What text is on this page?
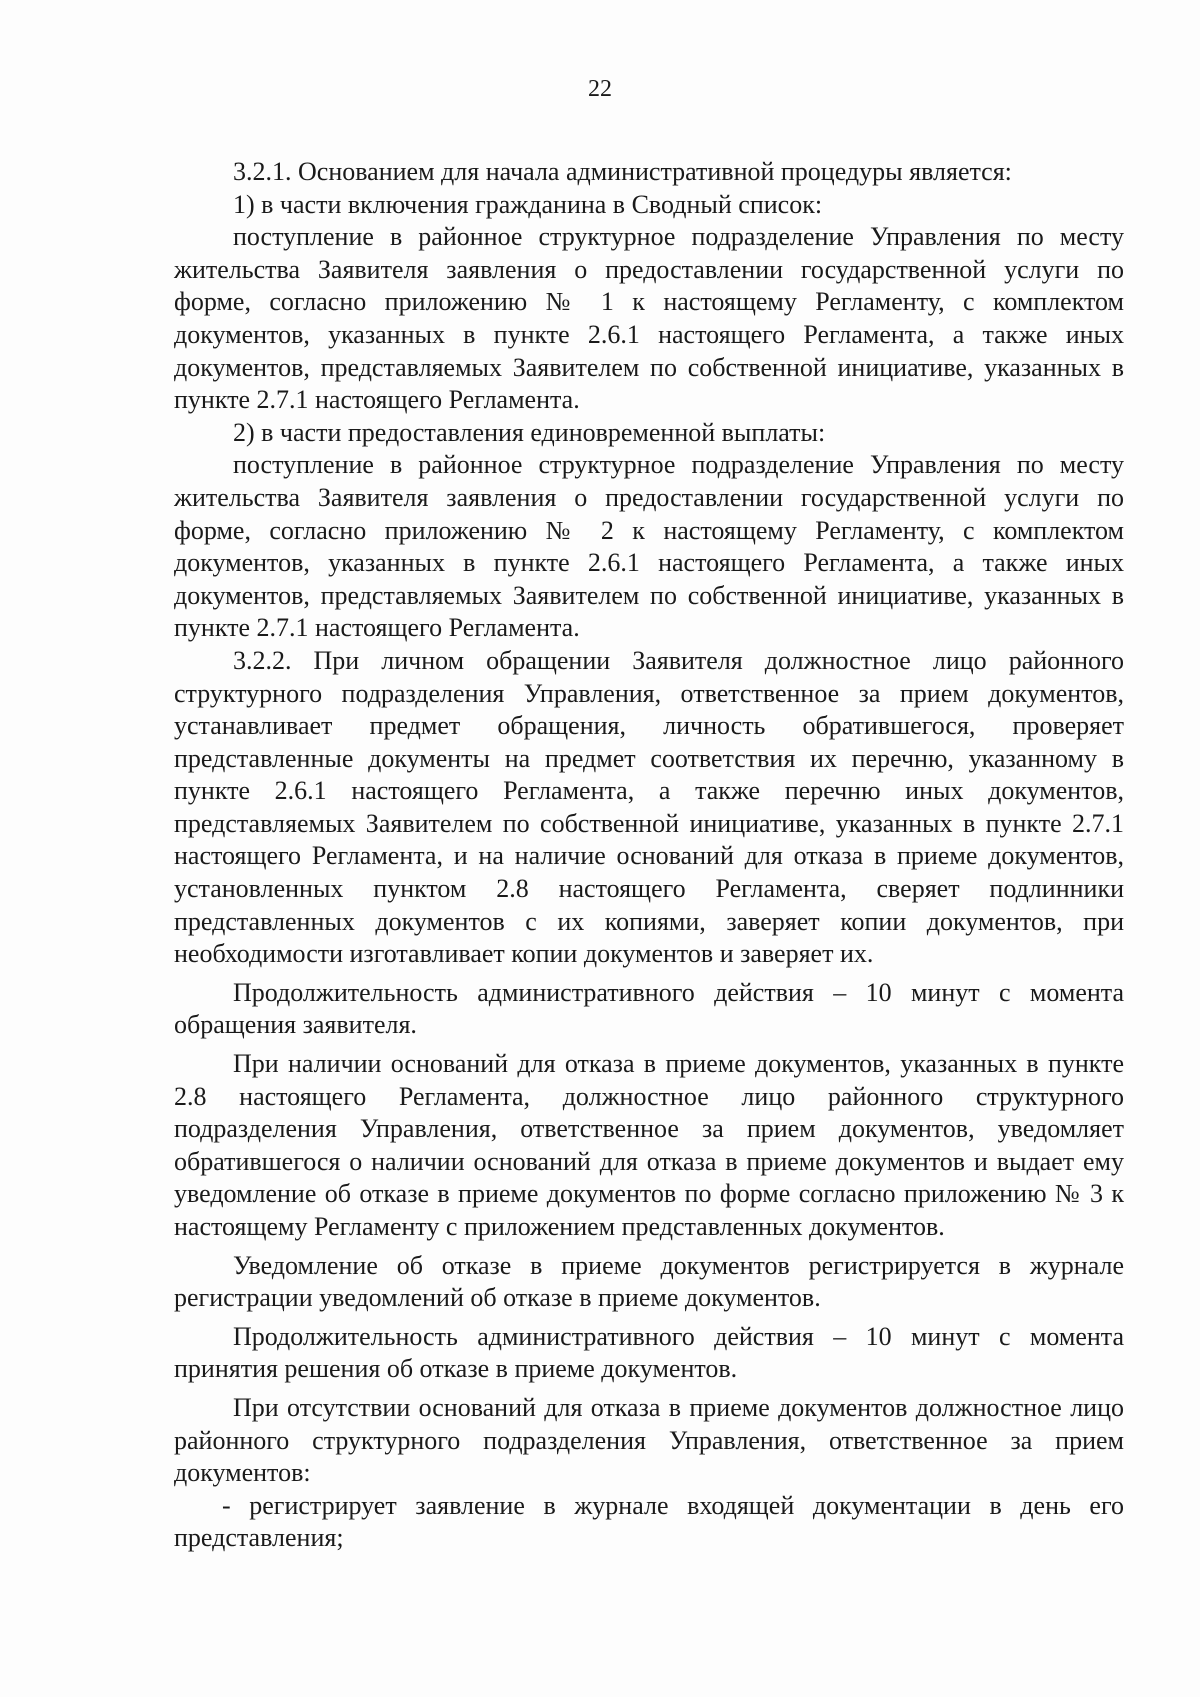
22

3.2.1. Основанием для начала административной процедуры является:

1) в части включения гражданина в Сводный список:

поступление в районное структурное подразделение Управления по месту жительства Заявителя заявления о предоставлении государственной услуги по форме, согласно приложению № 1 к настоящему Регламенту, с комплектом документов, указанных в пункте 2.6.1 настоящего Регламента, а также иных документов, представляемых Заявителем по собственной инициативе, указанных в пункте 2.7.1 настоящего Регламента.

2) в части предоставления единовременной выплаты:

поступление в районное структурное подразделение Управления по месту жительства Заявителя заявления о предоставлении государственной услуги по форме, согласно приложению № 2 к настоящему Регламенту, с комплектом документов, указанных в пункте 2.6.1 настоящего Регламента, а также иных документов, представляемых Заявителем по собственной инициативе, указанных в пункте 2.7.1 настоящего Регламента.

3.2.2. При личном обращении Заявителя должностное лицо районного структурного подразделения Управления, ответственное за прием документов, устанавливает предмет обращения, личность обратившегося, проверяет представленные документы на предмет соответствия их перечню, указанному в пункте 2.6.1 настоящего Регламента, а также перечню иных документов, представляемых Заявителем по собственной инициативе, указанных в пункте 2.7.1 настоящего Регламента, и на наличие оснований для отказа в приеме документов, установленных пунктом 2.8 настоящего Регламента, сверяет подлинники представленных документов с их копиями, заверяет копии документов, при необходимости изготавливает копии документов и заверяет их.

Продолжительность административного действия – 10 минут с момента обращения заявителя.

При наличии оснований для отказа в приеме документов, указанных в пункте 2.8 настоящего Регламента, должностное лицо районного структурного подразделения Управления, ответственное за прием документов, уведомляет обратившегося о наличии оснований для отказа в приеме документов и выдает ему уведомление об отказе в приеме документов по форме согласно приложению № 3 к настоящему Регламенту с приложением представленных документов.

Уведомление об отказе в приеме документов регистрируется в журнале регистрации уведомлений об отказе в приеме документов.

Продолжительность административного действия – 10 минут с момента принятия решения об отказе в приеме документов.

При отсутствии оснований для отказа в приеме документов должностное лицо районного структурного подразделения Управления, ответственное за прием документов:

- регистрирует заявление в журнале входящей документации в день его представления;
